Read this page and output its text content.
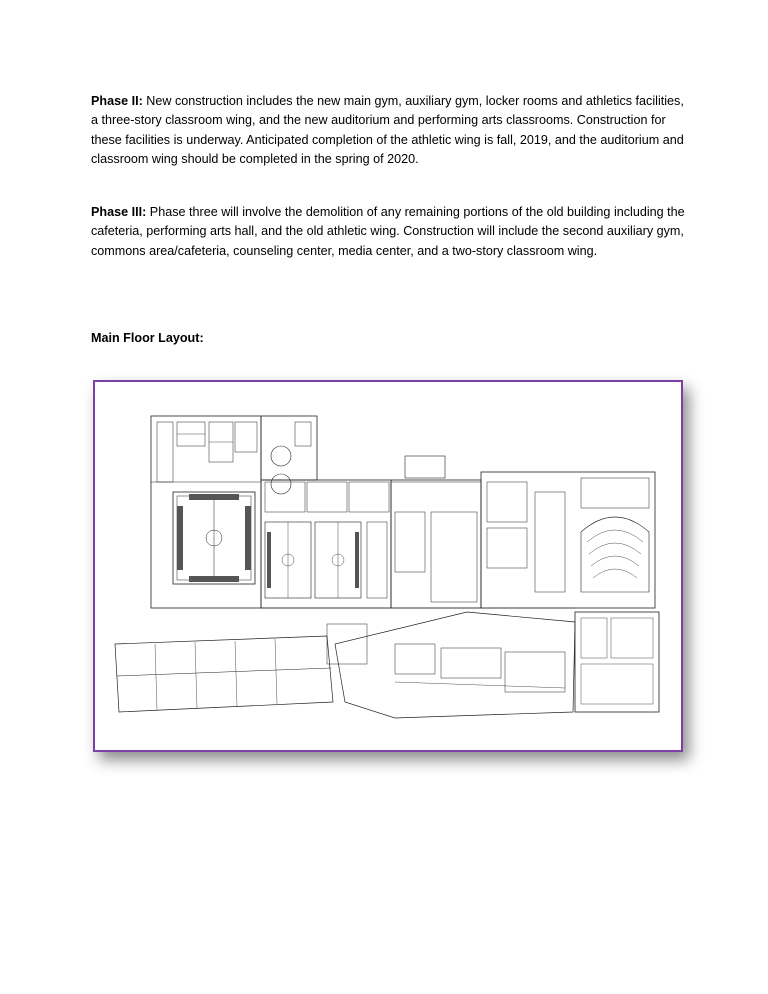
Phase II: New construction includes the new main gym, auxiliary gym, locker rooms and athletics facilities, a three-story classroom wing, and the new auditorium and performing arts classrooms. Construction for these facilities is underway. Anticipated completion of the athletic wing is fall, 2019, and the auditorium and classroom wing should be completed in the spring of 2020.

Phase III: Phase three will involve the demolition of any remaining portions of the old building including the cafeteria, performing arts hall, and the old athletic wing. Construction will include the second auxiliary gym, commons area/cafeteria, counseling center, media center, and a two-story classroom wing.

Main Floor Layout:
